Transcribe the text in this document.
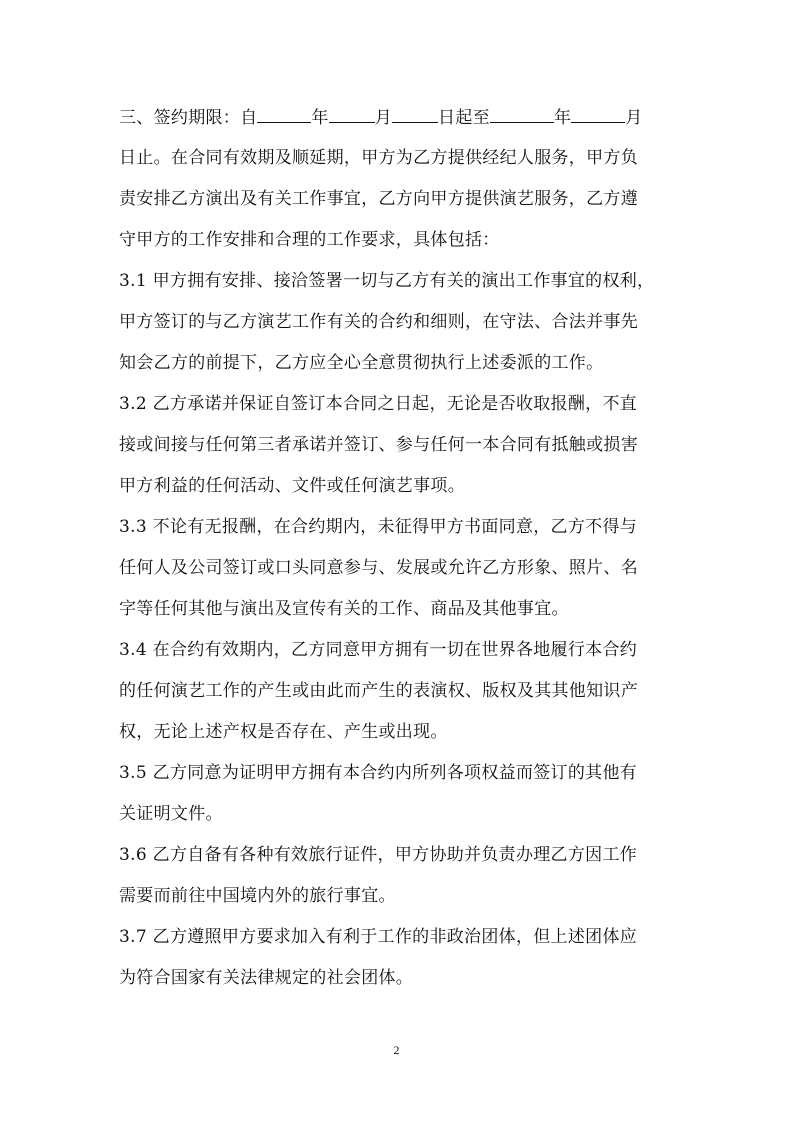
三、签约期限：自	年	月	日起至	年	月
日止。在合同有效期及顺延期，甲方为乙方提供经纪人服务，甲方负
责安排乙方演出及有关工作事宜，乙方向甲方提供演艺服务，乙方遵
守甲方的工作安排和合理的工作要求，具体包括：
3.1 甲方拥有安排、接洽签署一切与乙方有关的演出工作事宜的权利，
甲方签订的与乙方演艺工作有关的合约和细则，在守法、合法并事先
知会乙方的前提下，乙方应全心全意贯彻执行上述委派的工作。
3.2 乙方承诺并保证自签订本合同之日起，无论是否收取报酬，不直
接或间接与任何第三者承诺并签订、参与任何一本合同有抵触或损害
甲方利益的任何活动、文件或任何演艺事项。
3.3 不论有无报酬，在合约期内，未征得甲方书面同意，乙方不得与
任何人及公司签订或口头同意参与、发展或允许乙方形象、照片、名
字等任何其他与演出及宣传有关的工作、商品及其他事宜。
3.4 在合约有效期内，乙方同意甲方拥有一切在世界各地履行本合约
的任何演艺工作的产生或由此而产生的表演权、版权及其其他知识产
权，无论上述产权是否存在、产生或出现。
3.5 乙方同意为证明甲方拥有本合约内所列各项权益而签订的其他有
关证明文件。
3.6 乙方自备有各种有效旅行证件，甲方协助并负责办理乙方因工作
需要而前往中国境内外的旅行事宜。
3.7 乙方遵照甲方要求加入有利于工作的非政治团体，但上述团体应
为符合国家有关法律规定的社会团体。
2
